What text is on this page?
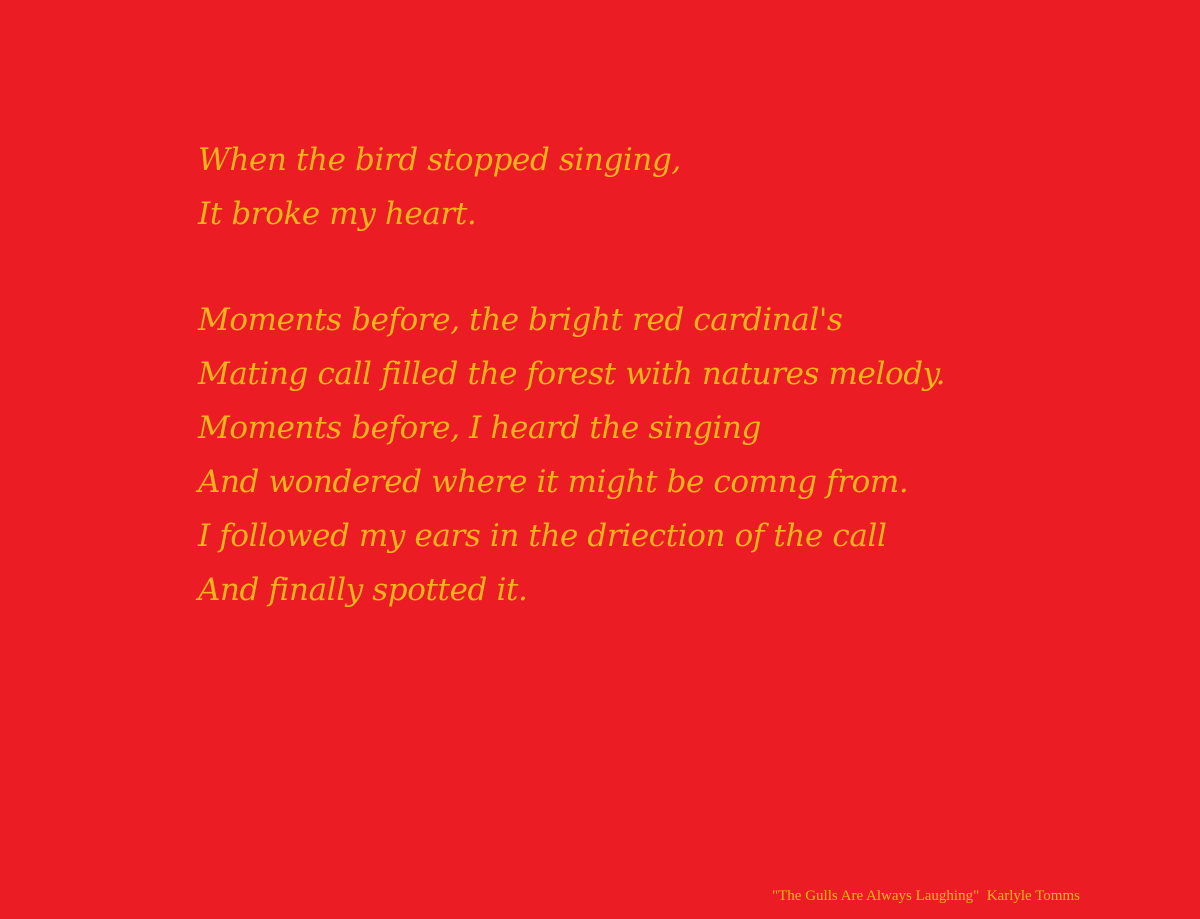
When the bird stopped singing,
It broke my heart.
Moments before, the bright red cardinal's
Mating call filled the forest with natures melody.
Moments before, I heard the singing
And wondered where it might be comng from.
I followed my ears in the driection of the call
And finally spotted it.
"The Gulls Are Always Laughing" Karlyle Tomms
